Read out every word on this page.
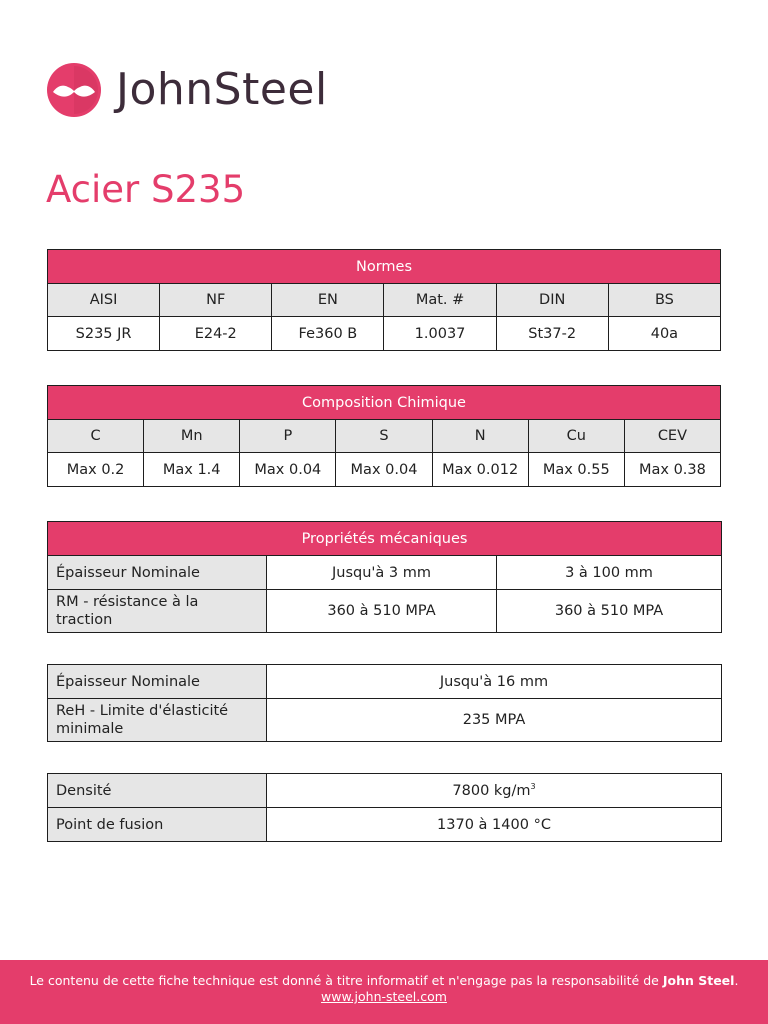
JohnSteel
Acier S235
Normes					
AISI	NF	EN	Mat. #	DIN	BS
S235 JR	E24-2	Fe360 B	1.0037	St37-2	40a
Composition Chimique						
C	Mn	P	S	N	Cu	CEV
Max 0.2	Max 1.4	Max 0.04	Max 0.04	Max 0.012	Max 0.55	Max 0.38
Propriétés mécaniques		
Épaisseur Nominale	Jusqu'à 3 mm	3 à 100 mm
RM - résistance à la traction	360 à 510 MPA	360 à 510 MPA
Épaisseur Nominale	Jusqu'à 16 mm
ReH - Limite d'élasticité minimale	235 MPA
Densité	7800 $kg/m^3$
Point de fusion	1370 à 1400 °C
Le contenu de cette fiche technique est donné à titre informatif et n'engage pas la responsabilité de John Steel.
www.john-steel.com
